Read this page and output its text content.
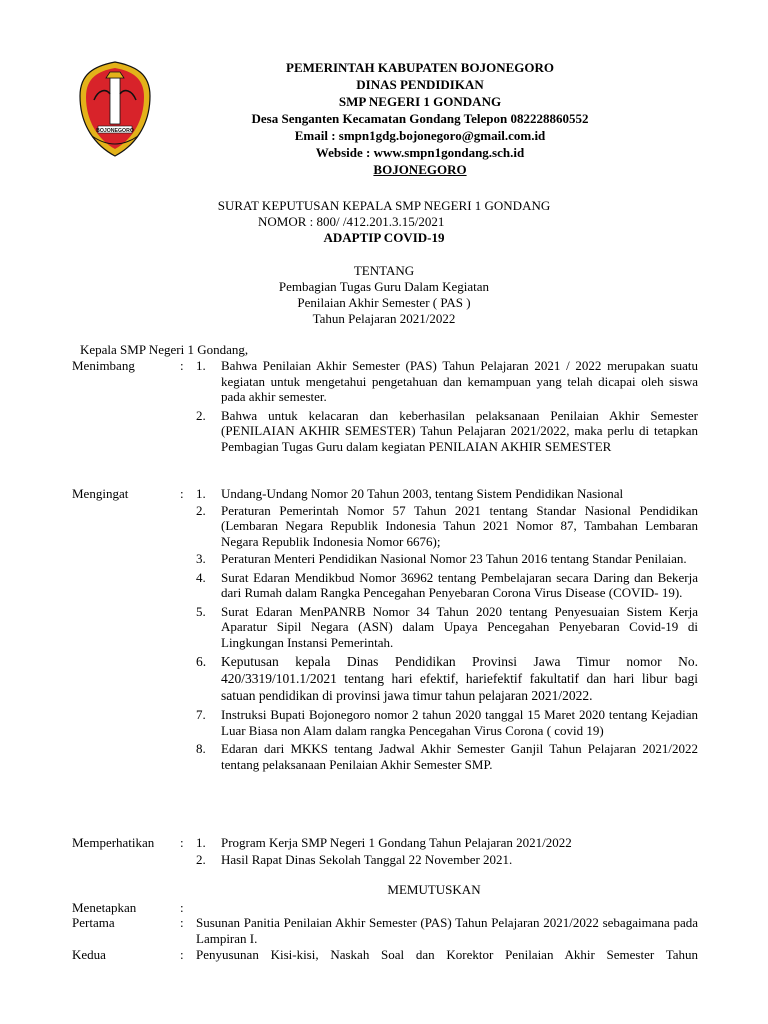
BOJONEGORO
PEMERINTAH KABUPATEN BOJONEGORO
DINAS PENDIDIKAN
SMP NEGERI 1 GONDANG
Desa Senganten Kecamatan Gondang Telepon 082228860552
Email : smpn1gdg.bojonegoro@gmail.com.id
Webside : www.smpn1gondang.sch.id
BOJONEGORO
SURAT KEPUTUSAN KEPALA SMP NEGERI 1 GONDANG
NOMOR : 800/ /412.201.3.15/2021
ADAPTIP COVID-19
TENTANG
Pembagian Tugas Guru Dalam Kegiatan
Penilaian Akhir Semester ( PAS )
Tahun Pelajaran 2021/2022
Kepala SMP Negeri 1 Gondang,
Menimbang	: 1.	Bahwa Penilaian Akhir Semester (PAS) Tahun Pelajaran 2021 / 2022 merupakan suatu kegiatan untuk mengetahui pengetahuan dan kemampuan yang telah dicapai oleh siswa pada akhir semester.
2.	Bahwa untuk kelacaran dan keberhasilan pelaksanaan Penilaian Akhir Semester (PENILAIAN AKHIR SEMESTER) Tahun Pelajaran 2021/2022, maka perlu di tetapkan Pembagian Tugas Guru dalam kegiatan PENILAIAN AKHIR SEMESTER
Mengingat	: 1.	Undang-Undang Nomor 20 Tahun 2003, tentang Sistem Pendidikan Nasional
2.	Peraturan Pemerintah Nomor 57 Tahun 2021 tentang Standar Nasional Pendidikan (Lembaran Negara Republik Indonesia Tahun 2021 Nomor 87, Tambahan Lembaran Negara Republik Indonesia Nomor 6676);
3.	Peraturan Menteri Pendidikan Nasional Nomor 23 Tahun 2016 tentang Standar Penilaian.
4.	Surat Edaran Mendikbud Nomor 36962 tentang Pembelajaran secara Daring dan Bekerja dari Rumah dalam Rangka Pencegahan Penyebaran Corona Virus Disease (COVID- 19).
5.	Surat Edaran MenPANRB Nomor 34 Tahun 2020 tentang Penyesuaian Sistem Kerja Aparatur Sipil Negara (ASN) dalam Upaya Pencegahan Penyebaran Covid-19 di Lingkungan Instansi Pemerintah.
6.	Keputusan kepala Dinas Pendidikan Provinsi Jawa Timur nomor No. 420/3319/101.1/2021 tentang hari efektif, hariefektif fakultatif dan hari libur bagi satuan pendidikan di provinsi jawa timur tahun pelajaran 2021/2022.
7.	Instruksi Bupati Bojonegoro nomor 2 tahun 2020 tanggal 15 Maret 2020 tentang Kejadian Luar Biasa non Alam dalam rangka Pencegahan Virus Corona ( covid 19)
8.	Edaran dari MKKS tentang Jadwal Akhir Semester Ganjil Tahun Pelajaran 2021/2022 tentang pelaksanaan Penilaian Akhir Semester SMP.
Memperhatikan	: 1.	Program Kerja SMP Negeri 1 Gondang Tahun Pelajaran 2021/2022
2.	Hasil Rapat Dinas Sekolah Tanggal 22 November 2021.
MEMUTUSKAN
Menetapkan	:
Pertama	: Susunan Panitia Penilaian Akhir Semester (PAS) Tahun Pelajaran 2021/2022 sebagaimana pada Lampiran I.
Kedua	: Penyusunan Kisi-kisi, Naskah Soal dan Korektor Penilaian Akhir Semester Tahun
